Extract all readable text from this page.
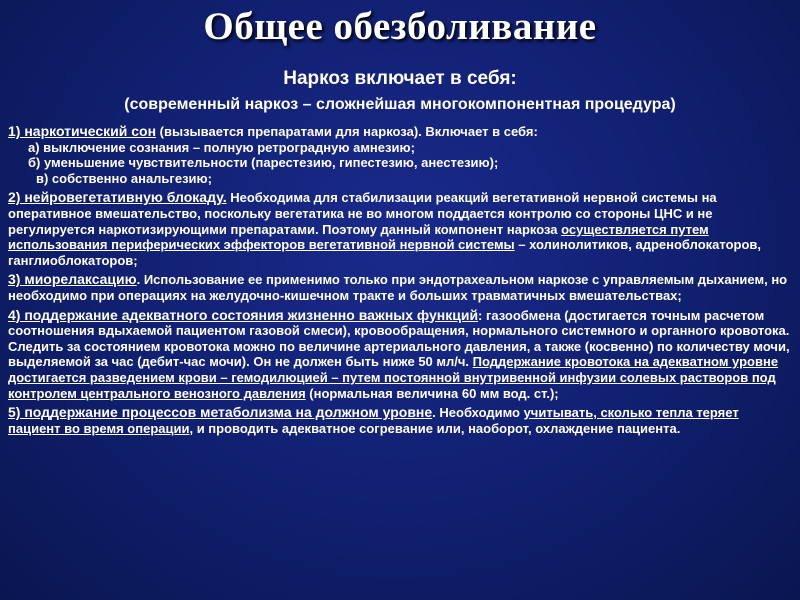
Общее обезболивание
Наркоз включает в себя:
(современный наркоз – сложнейшая многокомпонентная процедура)

1) наркотический сон (вызывается препаратами для наркоза). Включает в себя:

а) выключение сознания – полную ретроградную амнезию;

б) уменьшение чувствительности (парестезию, гипестезию, анестезию);

в) собственно анальгезию;

2) нейровегетативную блокаду. Необходима для стабилизации реакций вегетативной нервной системы на оперативное вмешательство, поскольку вегетатика не во многом поддается контролю со стороны ЦНС и не регулируется наркотизирующими препаратами. Поэтому данный компонент наркоза осуществляется путем использования периферических эффекторов вегетативной нервной системы – холинолитиков, адреноблокаторов, ганглиоблокаторов;

3) миорелаксацию. Использование ее применимо только при эндотрахеальном наркозе с управляемым дыханием, но необходимо при операциях на желудочно-кишечном тракте и больших травматичных вмешательствах;

4) поддержание адекватного состояния жизненно важных функций: газообмена (достигается точным расчетом соотношения вдыхаемой пациентом газовой смеси), кровообращения, нормального системного и органного кровотока. Следить за состоянием кровотока можно по величине артериального давления, а также (косвенно) по количеству мочи, выделяемой за час (дебит-час мочи). Он не должен быть ниже 50 мл/ч. Поддержание кровотока на адекватном уровне достигается разведением крови – гемодилюцией – путем постоянной внутривенной инфузии солевых растворов под контролем центрального венозного давления (нормальная величина 60 мм вод. ст.);

5) поддержание процессов метаболизма на должном уровне. Необходимо учитывать, сколько тепла теряет пациент во время операции, и проводить адекватное согревание или, наоборот, охлаждение пациента.
